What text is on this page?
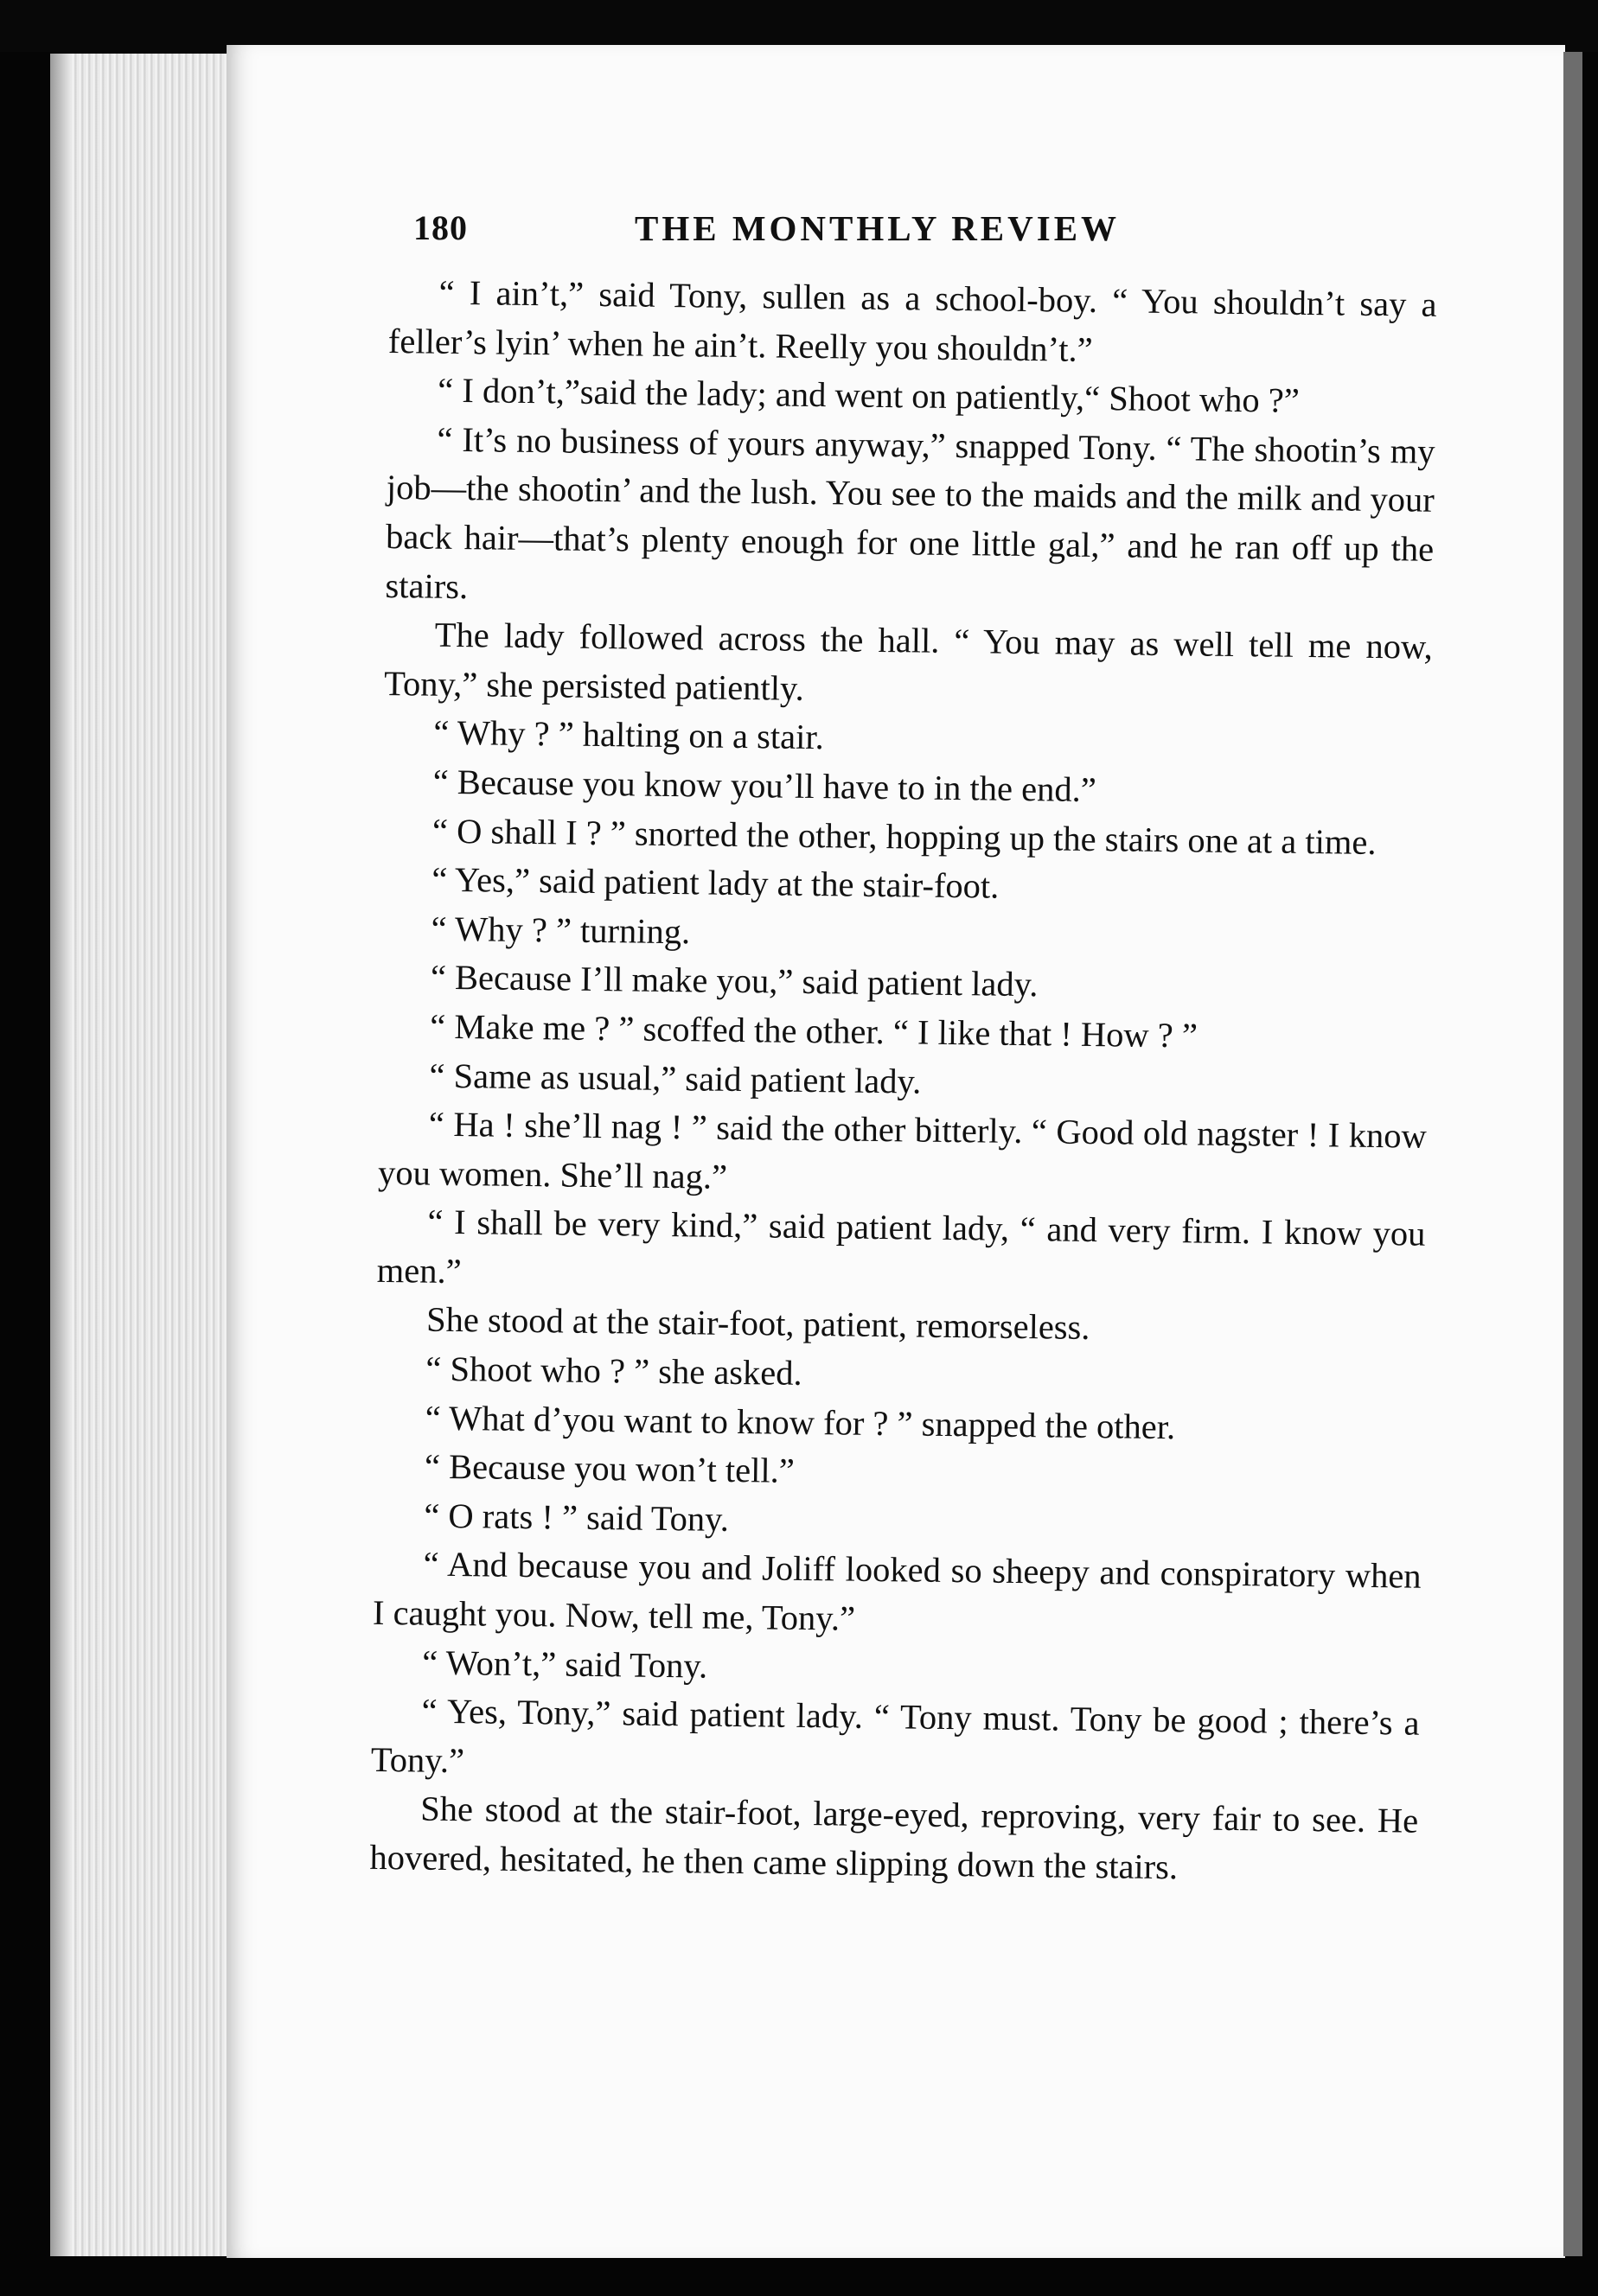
180	THE MONTHLY REVIEW

“ I ain’t,” said Tony, sullen as a school-boy. “ You shouldn’t say a feller’s lyin’ when he ain’t. Reelly you shouldn’t.”

“ I don’t,”said the lady; and went on patiently,“ Shoot who ?”

“ It’s no business of yours anyway,” snapped Tony. “ The shootin’s my job—the shootin’ and the lush. You see to the maids and the milk and your back hair—that’s plenty enough for one little gal,” and he ran off up the stairs.

The lady followed across the hall. “ You may as well tell me now, Tony,” she persisted patiently.

“ Why ? ” halting on a stair.

“ Because you know you’ll have to in the end.”

“ O shall I ? ” snorted the other, hopping up the stairs one at a time.

“ Yes,” said patient lady at the stair-foot.

“ Why ? ” turning.

“ Because I’ll make you,” said patient lady.

“ Make me ? ” scoffed the other. “ I like that ! How ? ”

“ Same as usual,” said patient lady.

“ Ha ! she’ll nag ! ” said the other bitterly. “ Good old nagster ! I know you women. She’ll nag.”

“ I shall be very kind,” said patient lady, “ and very firm. I know you men.”

She stood at the stair-foot, patient, remorseless.

“ Shoot who ? ” she asked.

“ What d’you want to know for ? ” snapped the other.

“ Because you won’t tell.”

“ O rats ! ” said Tony.

“ And because you and Joliff looked so sheepy and conspiratory when I caught you. Now, tell me, Tony.”

“ Won’t,” said Tony.

“ Yes, Tony,” said patient lady. “ Tony must. Tony be good ; there’s a Tony.”

She stood at the stair-foot, large-eyed, reproving, very fair to see. He hovered, hesitated, he then came slipping down the stairs.
